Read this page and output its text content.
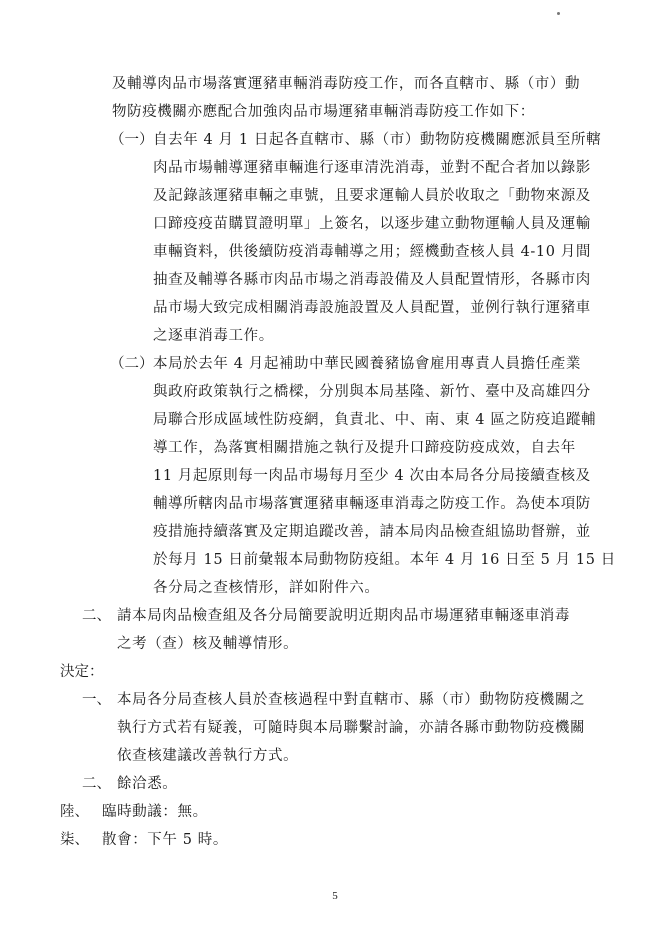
及輔導肉品市場落實運豬車輛消毒防疫工作，而各直轄市、縣（市）動
物防疫機關亦應配合加強肉品市場運豬車輛消毒防疫工作如下：
（一） 自去年 4 月 1 日起各直轄市、縣（市）動物防疫機關應派員至所轄
肉品市場輔導運豬車輛進行逐車清洗消毒，並對不配合者加以錄影
及記錄該運豬車輛之車號，且要求運輸人員於收取之「動物來源及
口蹄疫疫苗購買證明單」上簽名，以逐步建立動物運輸人員及運輸
車輛資料，供後續防疫消毒輔導之用；經機動查核人員 4-10 月間
抽查及輔導各縣市肉品市場之消毒設備及人員配置情形，各縣市肉
品市場大致完成相關消毒設施設置及人員配置，並例行執行運豬車
之逐車消毒工作。
（二） 本局於去年 4 月起補助中華民國養豬協會雇用專責人員擔任產業
與政府政策執行之橋樑，分別與本局基隆、新竹、臺中及高雄四分
局聯合形成區域性防疫網，負責北、中、南、東 4 區之防疫追蹤輔
導工作，為落實相關措施之執行及提升口蹄疫防疫成效，自去年
11 月起原則每一肉品市場每月至少 4 次由本局各分局接續查核及
輔導所轄肉品市場落實運豬車輛逐車消毒之防疫工作。為使本項防
疫措施持續落實及定期追蹤改善，請本局肉品檢查組協助督辦，並
於每月 15 日前彙報本局動物防疫組。本年 4 月 16 日至 5 月 15 日
各分局之查核情形，詳如附件六。
二、 請本局肉品檢查組及各分局簡要說明近期肉品市場運豬車輛逐車消毒
之考（查）核及輔導情形。
決定：
一、 本局各分局查核人員於查核過程中對直轄市、縣（市）動物防疫機關之
執行方式若有疑義，可隨時與本局聯繫討論，亦請各縣市動物防疫機關
依查核建議改善執行方式。
二、 餘洽悉。
陸、 臨時動議：無。
柒、 散會：下午 5 時。
5
